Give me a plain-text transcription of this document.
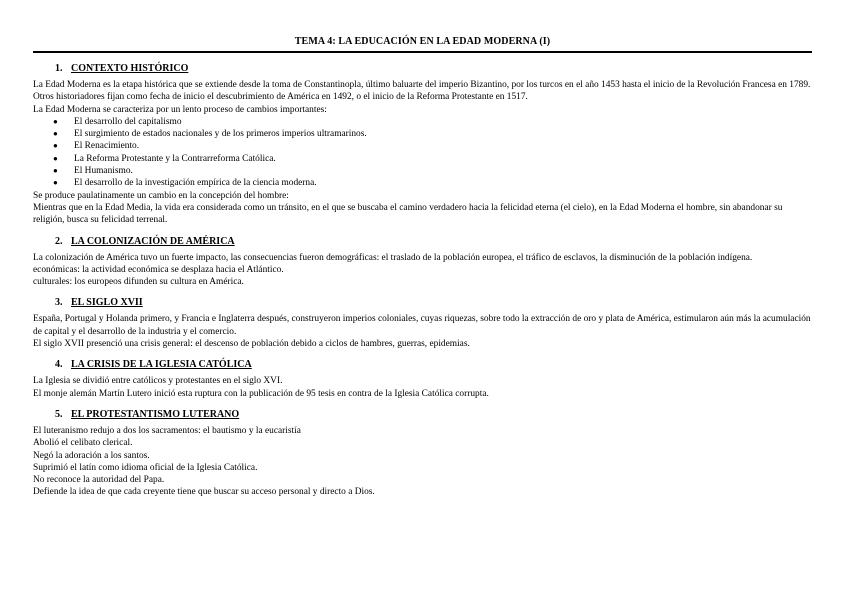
TEMA 4: LA EDUCACIÓN EN LA EDAD MODERNA (I)
1. CONTEXTO HISTÓRICO

La Edad Moderna es la etapa histórica que se extiende desde la toma de Constantinopla, último baluarte del imperio Bizantino, por los turcos en el año 1453 hasta el inicio de la Revolución Francesa en 1789.

Otros historiadores fijan como fecha de inicio el descubrimiento de América en 1492, o el inicio de la Reforma Protestante en 1517.

La Edad Moderna se caracteriza por un lento proceso de cambios importantes:

●	El desarrollo del capitalismo
●	El surgimiento de estados nacionales y de los primeros imperios ultramarinos.
●	El Renacimiento.
●	La Reforma Protestante y la Contrarreforma Católica.
●	El Humanismo.
●	El desarrollo de la investigación empírica de la ciencia moderna.

Se produce paulatinamente un cambio en la concepción del hombre:

Mientras que en la Edad Media, la vida era considerada como un tránsito, en el que se buscaba el camino verdadero hacia la felicidad eterna (el cielo), en la Edad Moderna el hombre, sin abandonar su religión, busca su felicidad terrenal.

2. LA COLONIZACIÓN DE AMÉRICA

La colonización de América tuvo un fuerte impacto, las consecuencias fueron demográficas: el traslado de la población europea, el tráfico de esclavos, la disminución de la población indígena.

económicas: la actividad económica se desplaza hacia el Atlántico.

culturales: los europeos difunden su cultura en América.

3. EL SIGLO XVII

España, Portugal y Holanda primero, y Francia e Inglaterra después, construyeron imperios coloniales, cuyas riquezas, sobre todo la extracción de oro y plata de América, estimularon aún más la acumulación de capital y el desarrollo de la industria y el comercio.

El siglo XVII presenció una crisis general: el descenso de población debido a ciclos de hambres, guerras, epidemias.

4. LA CRISIS DE LA IGLESIA CATÓLICA

La Iglesia se dividió entre católicos y protestantes en el siglo XVI.

El monje alemán Martín Lutero inició esta ruptura con la publicación de 95 tesis en contra de la Iglesia Católica corrupta.

5. EL PROTESTANTISMO LUTERANO

El luteranismo redujo a dos los sacramentos: el bautismo y la eucaristía

Abolió el celibato clerical.

Negó la adoración a los santos.

Suprimió el latín como idioma oficial de la Iglesia Católica.

No reconoce la autoridad del Papa.

Defiende la idea de que cada creyente tiene que buscar su acceso personal y directo a Dios.
